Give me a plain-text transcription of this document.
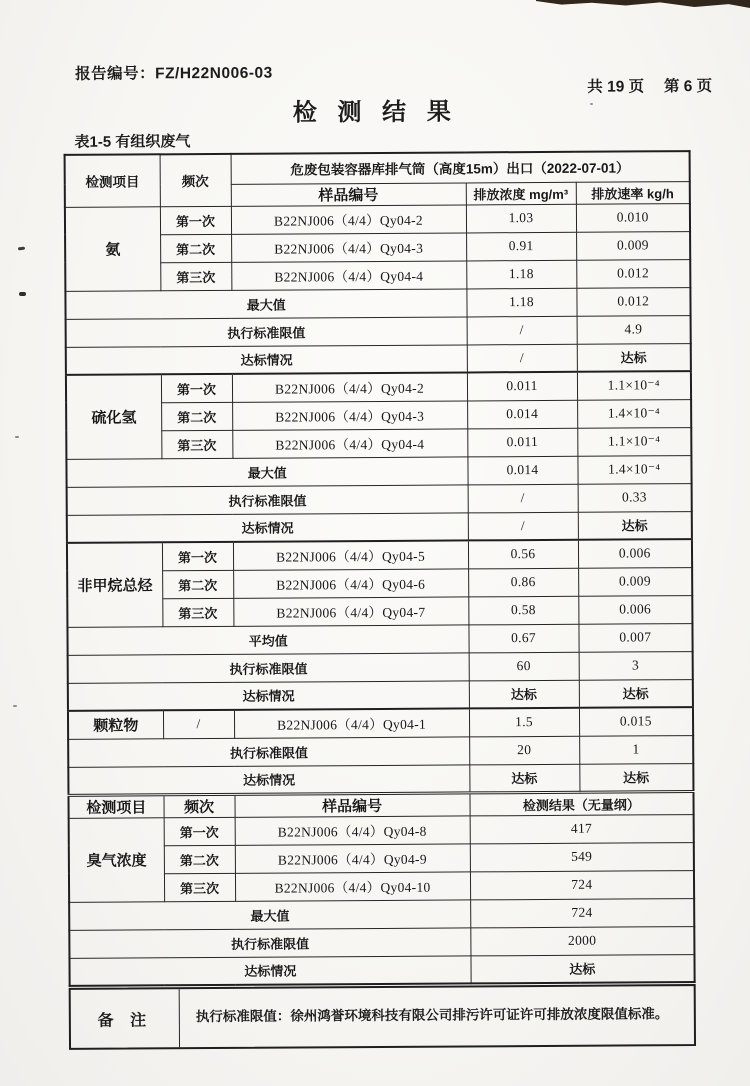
报告编号：FZ/H22N006-03
共 19 页　 第 6 页
检 测 结 果
表1-5 有组织废气
检测项目	频次	危废包装容器库排气筒（高度15m）出口（2022-07-01）		
		样品编号	排放浓度 mg/m³	排放速率 kg/h
氨	第一次	B22NJ006（4/4）Qy04-2	1.03	0.010
	第二次	B22NJ006（4/4）Qy04-3	0.91	0.009
	第三次	B22NJ006（4/4）Qy04-4	1.18	0.012
最大值			1.18	0.012
执行标准限值			/	4.9
达标情况			/	达标
硫化氢	第一次	B22NJ006（4/4）Qy04-2	0.011	1.1×10⁻⁴
	第二次	B22NJ006（4/4）Qy04-3	0.014	1.4×10⁻⁴
	第三次	B22NJ006（4/4）Qy04-4	0.011	1.1×10⁻⁴
最大值			0.014	1.4×10⁻⁴
执行标准限值			/	0.33
达标情况			/	达标
非甲烷总烃	第一次	B22NJ006（4/4）Qy04-5	0.56	0.006
	第二次	B22NJ006（4/4）Qy04-6	0.86	0.009
	第三次	B22NJ006（4/4）Qy04-7	0.58	0.006
平均值			0.67	0.007
执行标准限值			60	3
达标情况			达标	达标
颗粒物	/	B22NJ006（4/4）Qy04-1	1.5	0.015
执行标准限值			20	1
达标情况			达标	达标
检测项目	频次	样品编号	检测结果（无量纲）	
臭气浓度	第一次	B22NJ006（4/4）Qy04-8	417	
	第二次	B22NJ006（4/4）Qy04-9	549	
	第三次	B22NJ006（4/4）Qy04-10	724	
最大值			724	
执行标准限值			2000	
达标情况			达标	
备 注	执行标准限值：徐州鸿誉环境科技有限公司排污许可证许可排放浓度限值标准。
